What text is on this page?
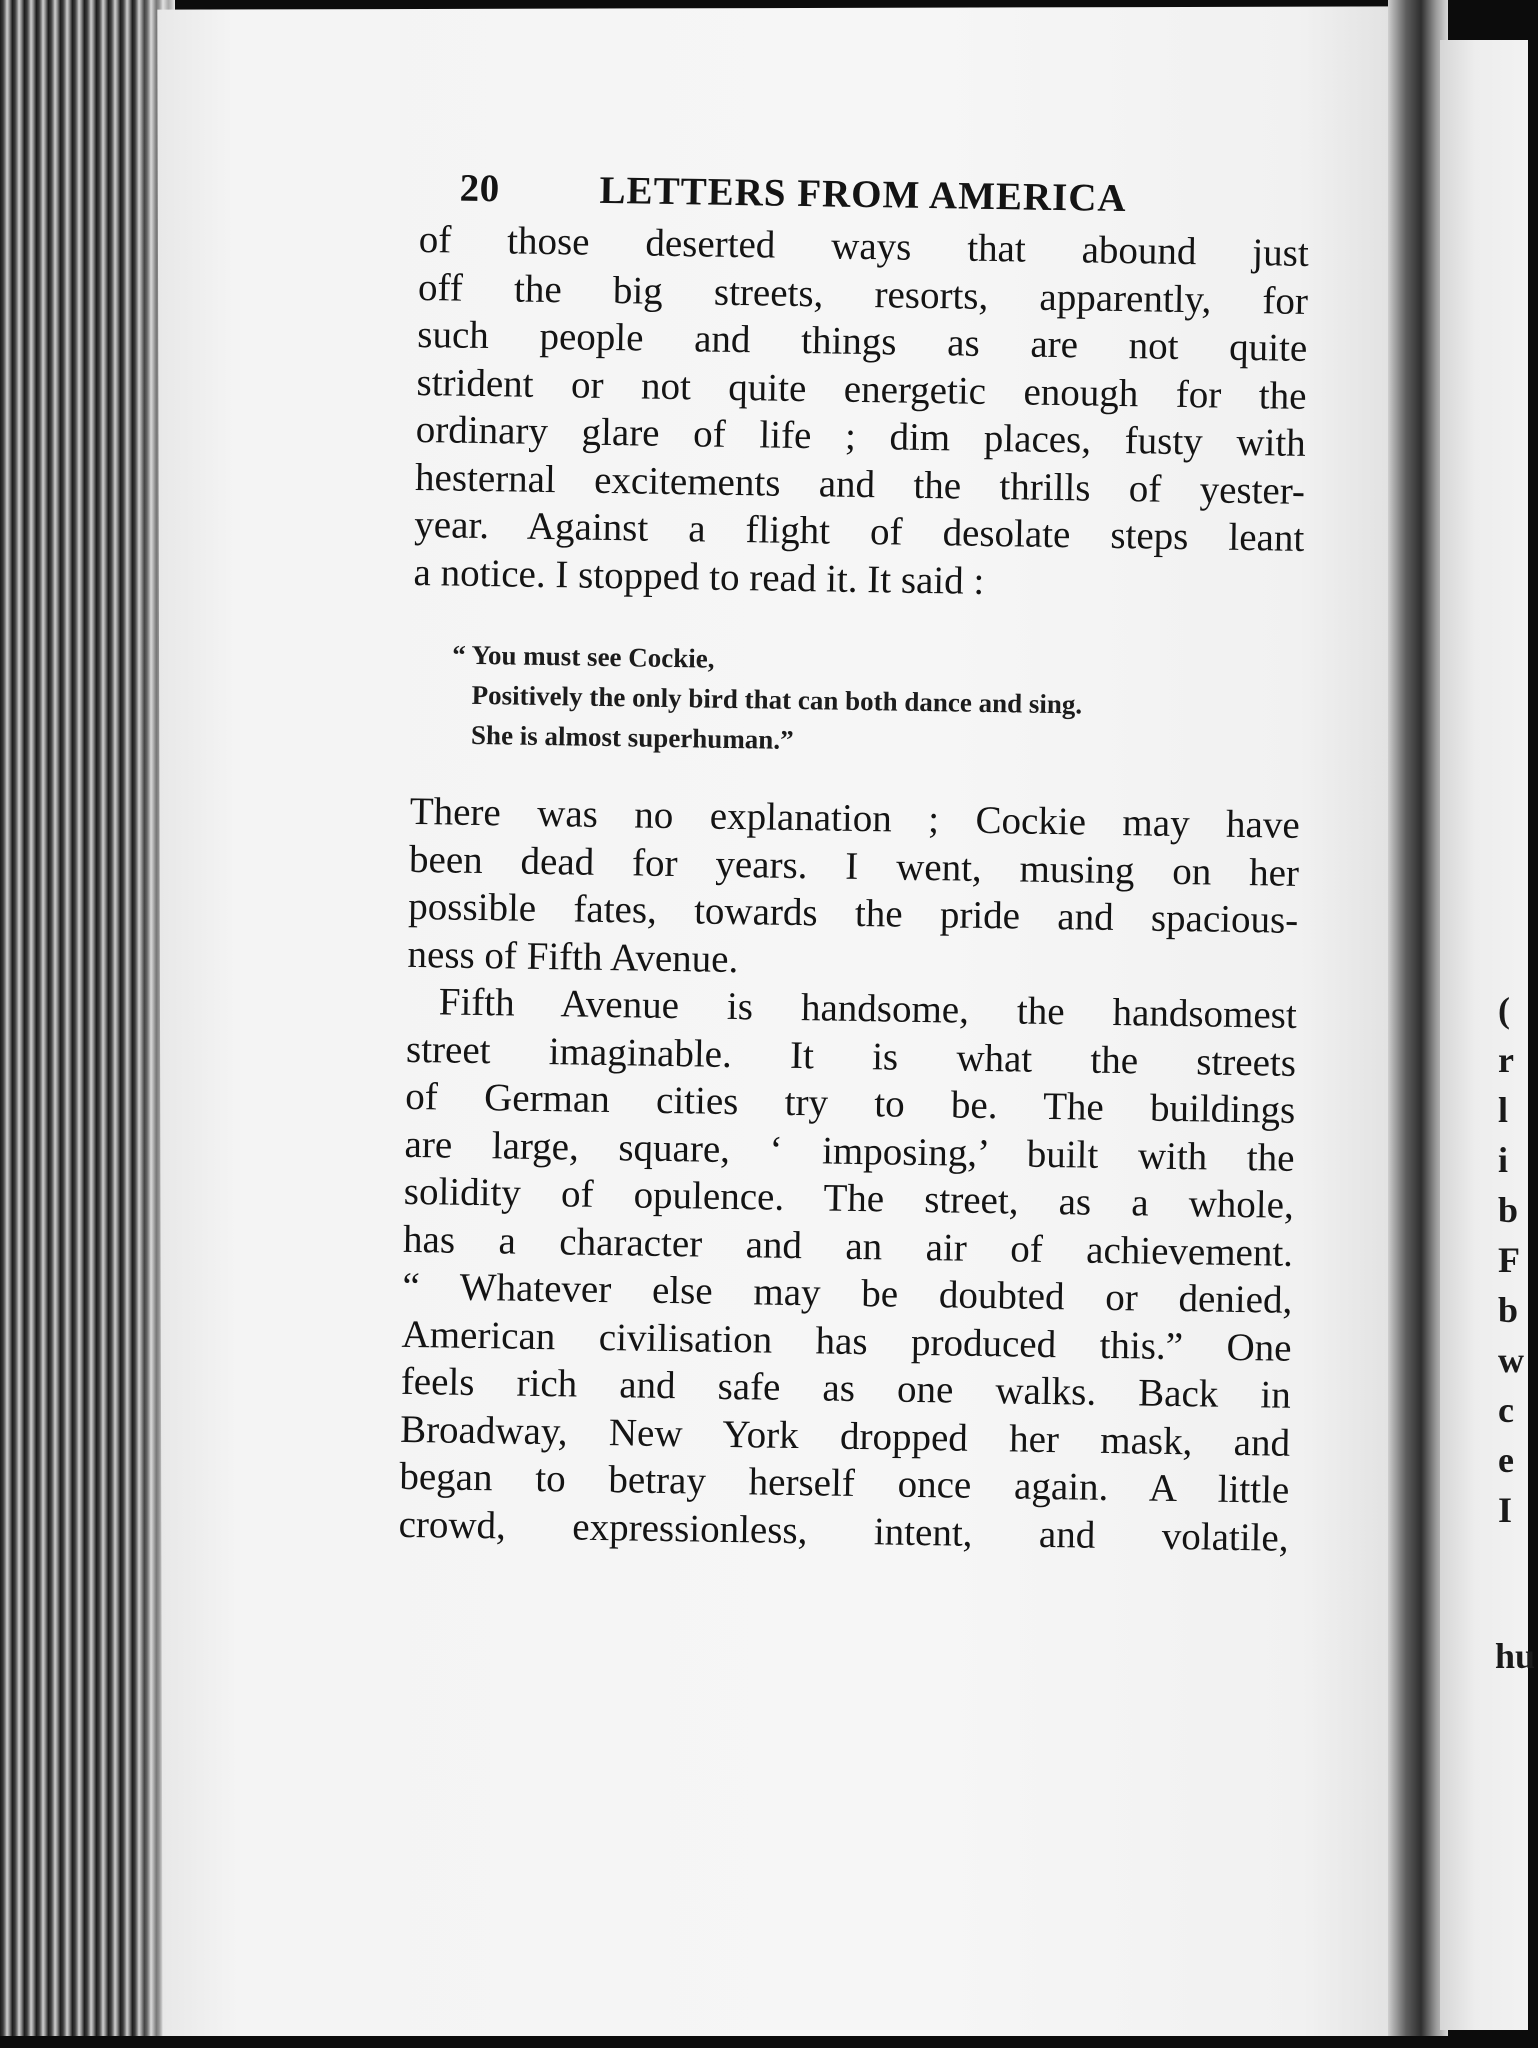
20	LETTERS FROM AMERICA
of those deserted ways that abound just
off the big streets, resorts, apparently, for
such people and things as are not quite
strident or not quite energetic enough for the
ordinary glare of life ; dim places, fusty with
hesternal excitements and the thrills of yester-
year. Against a flight of desolate steps leant
a notice. I stopped to read it. It said :
“ You must see Cockie,
Positively the only bird that can both dance and sing.
She is almost superhuman.”
There was no explanation ; Cockie may have
been dead for years. I went, musing on her
possible fates, towards the pride and spacious-
ness of Fifth Avenue.
Fifth Avenue is handsome, the handsomest
street imaginable. It is what the streets
of German cities try to be. The buildings
are large, square, ‘ imposing,’ built with the
solidity of opulence. The street, as a whole,
has a character and an air of achievement.
“ Whatever else may be doubted or denied,
American civilisation has produced this.” One
feels rich and safe as one walks. Back in
Broadway, New York dropped her mask, and
began to betray herself once again. A little
crowd, expressionless, intent, and volatile,
(
r
l
i
b
F
b
w
c
e
I
hu
